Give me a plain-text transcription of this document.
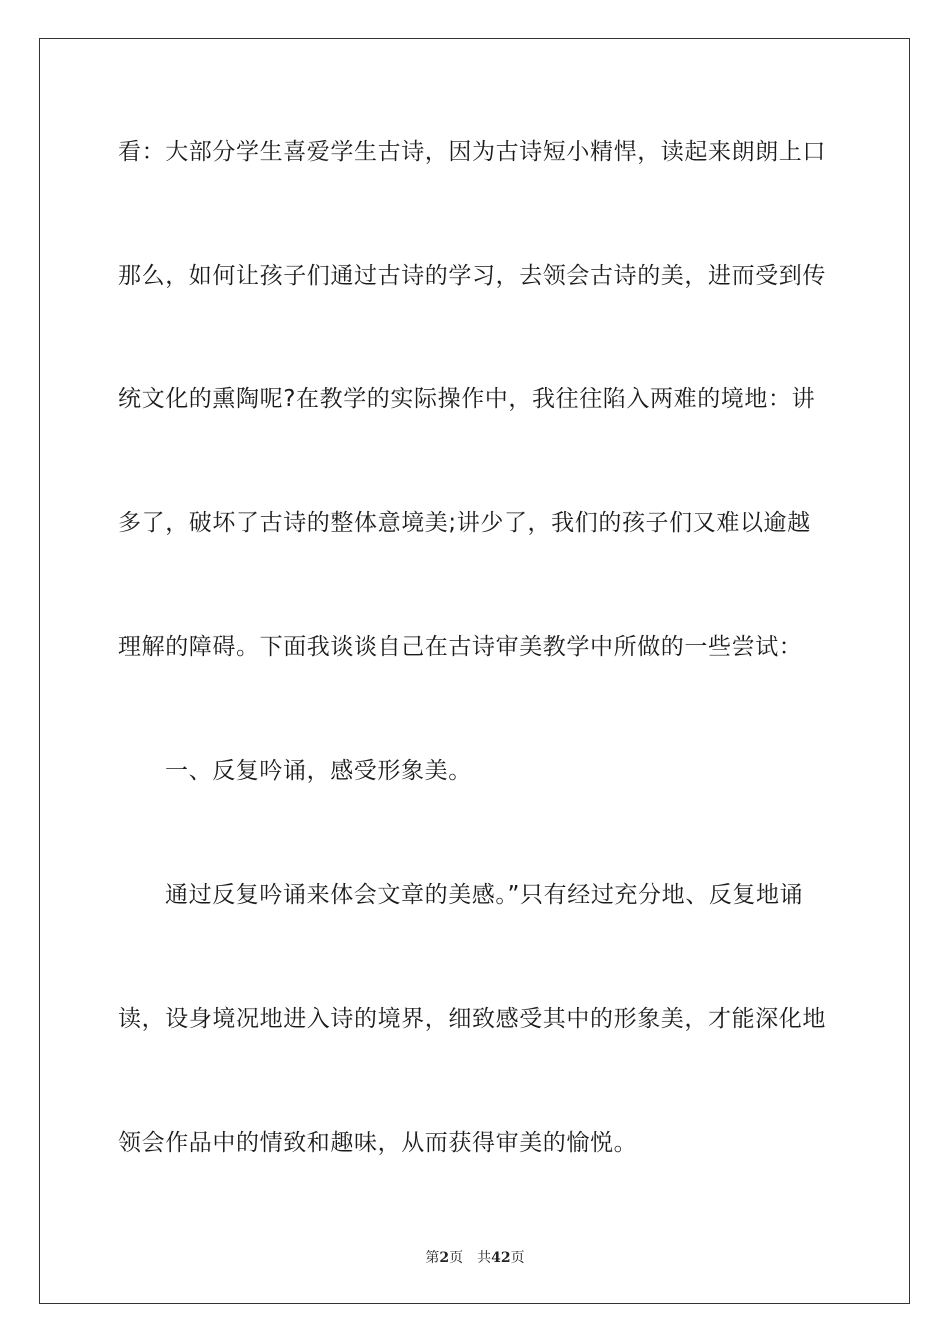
看：大部分学生喜爱学生古诗，因为古诗短小精悍，读起来朗朗上口
那么，如何让孩子们通过古诗的学习，去领会古诗的美，进而受到传
统文化的熏陶呢?在教学的实际操作中，我往往陷入两难的境地：讲
多了，破坏了古诗的整体意境美;讲少了，我们的孩子们又难以逾越
理解的障碍。下面我谈谈自己在古诗审美教学中所做的一些尝试：
一、反复吟诵，感受形象美。
通过反复吟诵来体会文章的美感。”只有经过充分地、反复地诵
读，设身境况地进入诗的境界，细致感受其中的形象美，才能深化地
领会作品中的情致和趣味，从而获得审美的愉悦。
第2页 共42页
